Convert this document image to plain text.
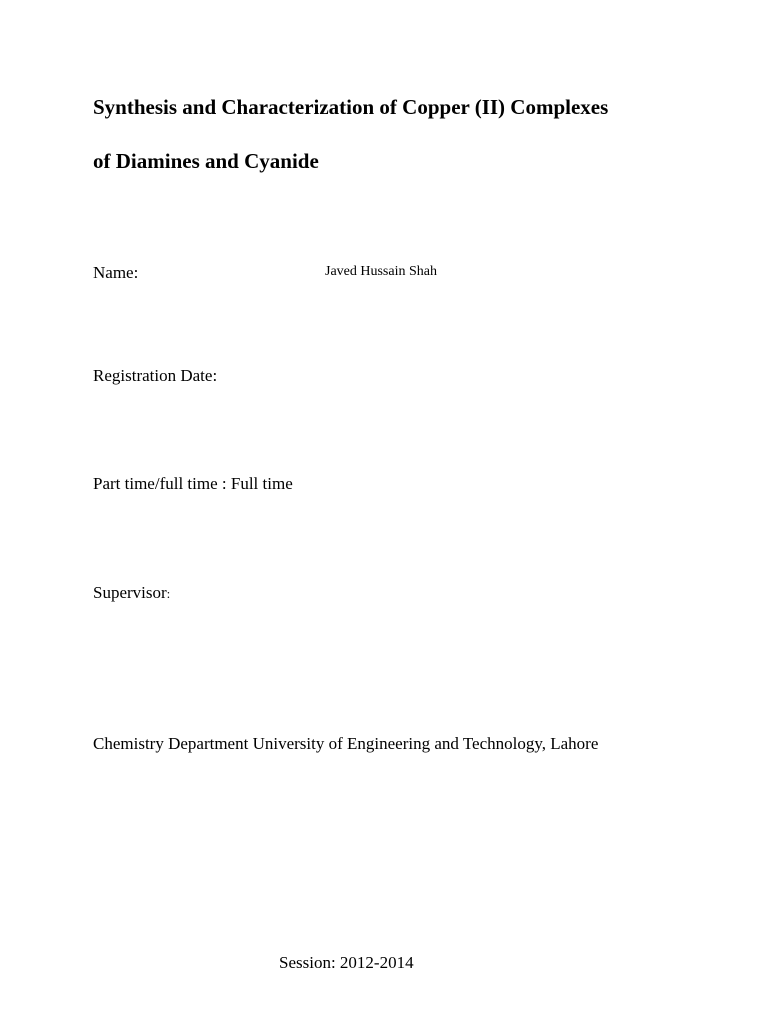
Synthesis and Characterization of Copper (II) Complexes
of Diamines and Cyanide
Name:	Javed Hussain Shah
Registration Date:
Part time/full time : Full time
Supervisor:
Chemistry Department University of Engineering and Technology, Lahore
Session: 2012-2014
